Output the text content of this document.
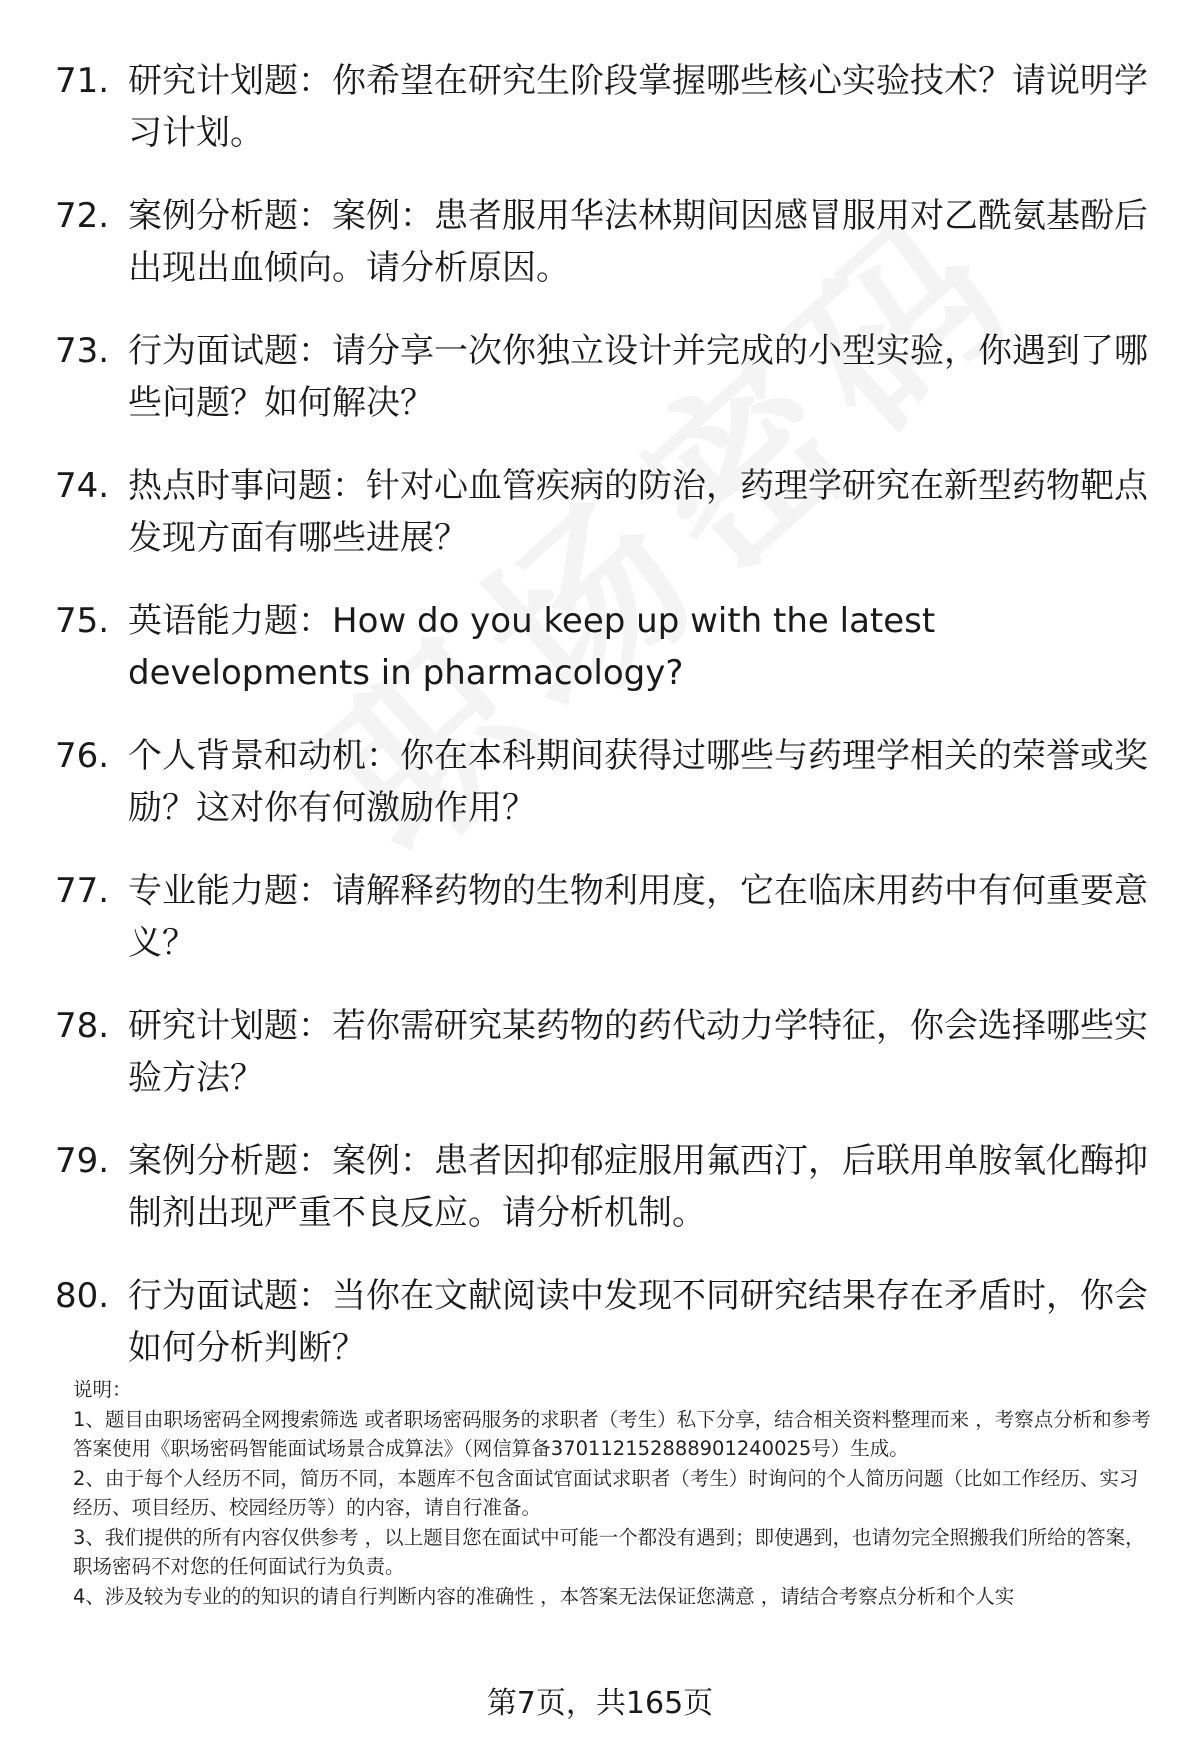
71. 研究计划题：你希望在研究生阶段掌握哪些核心实验技术？请说明学习计划。
72. 案例分析题：案例：患者服用华法林期间因感冒服用对乙酰氨基酚后出现出血倾向。请分析原因。
73. 行为面试题：请分享一次你独立设计并完成的小型实验，你遇到了哪些问题？如何解决？
74. 热点时事问题：针对心血管疾病的防治，药理学研究在新型药物靶点发现方面有哪些进展？
75. 英语能力题：How do you keep up with the latest developments in pharmacology?
76. 个人背景和动机：你在本科期间获得过哪些与药理学相关的荣誉或奖励？这对你有何激励作用？
77. 专业能力题：请解释药物的生物利用度，它在临床用药中有何重要意义？
78. 研究计划题：若你需研究某药物的药代动力学特征，你会选择哪些实验方法？
79. 案例分析题：案例：患者因抑郁症服用氟西汀，后联用单胺氧化酶抑制剂出现严重不良反应。请分析机制。
80. 行为面试题：当你在文献阅读中发现不同研究结果存在矛盾时，你会如何分析判断？

说明：

1、题目由职场密码全网搜索筛选 或者职场密码服务的求职者（考生）私下分享，结合相关资料整理而来 ，考察点分析和参考答案使用《职场密码智能面试场景合成算法》（网信算备370112152888901240025号）生成。

2、由于每个人经历不同，简历不同，本题库不包含面试官面试求职者（考生）时询问的个人简历问题（比如工作经历、实习经历、项目经历、校园经历等）的内容，请自行准备。

3、我们提供的所有内容仅供参考 ，以上题目您在面试中可能一个都没有遇到；即使遇到，也请勿完全照搬我们所给的答案，职场密码不对您的任何面试行为负责。

4、涉及较为专业的的知识的请自行判断内容的准确性 ，本答案无法保证您满意 ，请结合考察点分析和个人实

第7页，共165页
